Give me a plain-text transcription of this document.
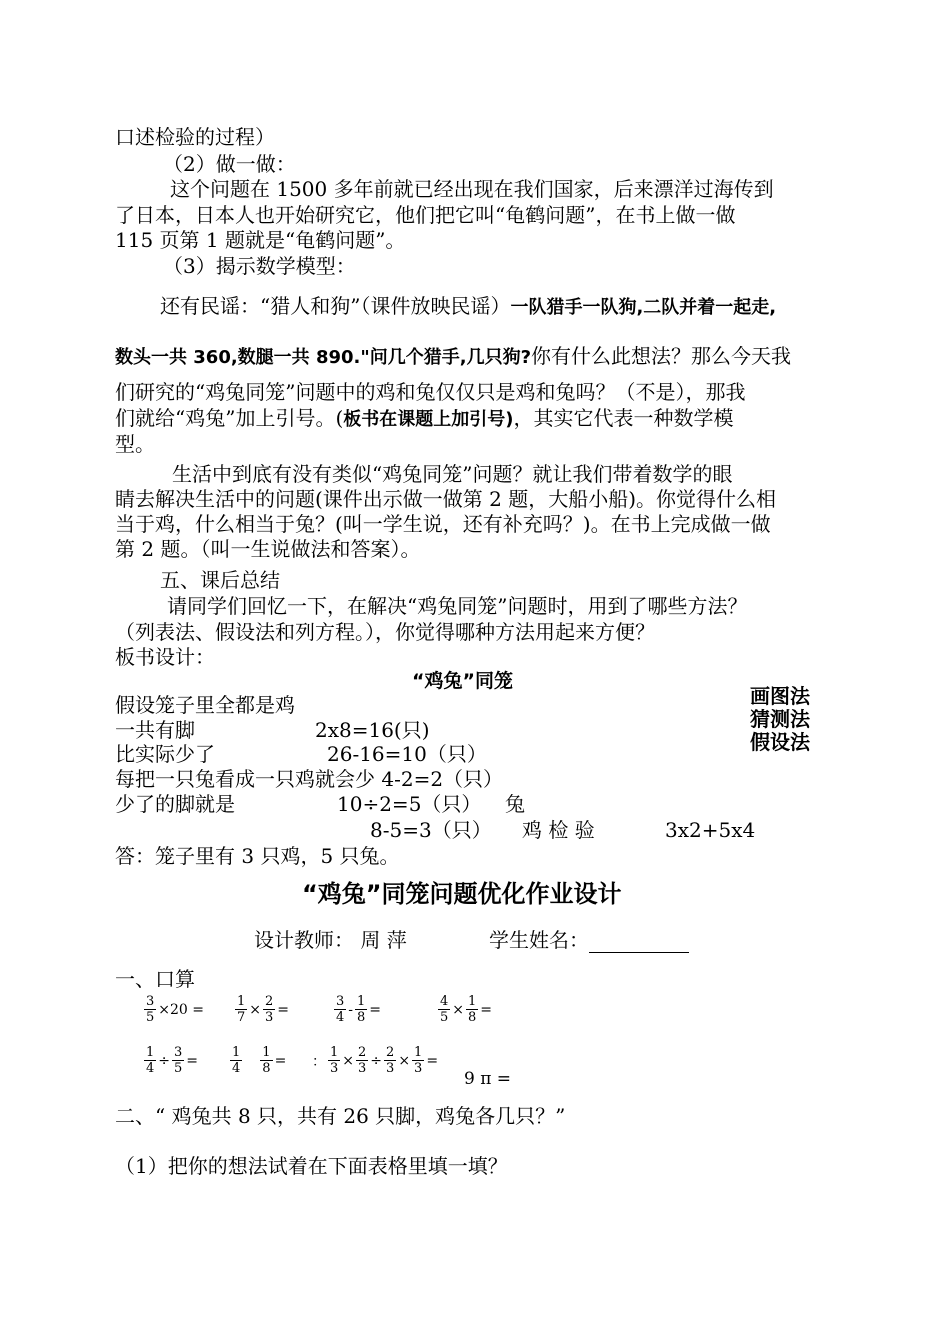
口述检验的过程）
（2）做一做：
这个问题在 1500 多年前就已经出现在我们国家，后来漂洋过海传到
了日本，日本人也开始研究它，他们把它叫“龟鹤问题”，在书上做一做
115 页第 1 题就是“龟鹤问题”。
（3）揭示数学模型：
还有民谣：“猎人和狗”（课件放映民谣）一队猎手一队狗,二队并着一起走,
数头一共 360,数腿一共 890."问几个猎手,几只狗?你有什么此想法？那么今天我
们研究的“鸡兔同笼”问题中的鸡和兔仅仅只是鸡和兔吗？（不是），那我
们就给“鸡兔”加上引号。(板书在课题上加引号)，其实它代表一种数学模
型。
生活中到底有没有类似“鸡兔同笼”问题？就让我们带着数学的眼
睛去解决生活中的问题(课件出示做一做第 2 题，大船小船)。你觉得什么相
当于鸡，什么相当于兔？(叫一学生说，还有补充吗？)。在书上完成做一做
第 2 题。（叫一生说做法和答案）。
五、课后总结
请同学们回忆一下，在解决“鸡兔同笼”问题时，用到了哪些方法？
（列表法、假设法和列方程。），你觉得哪种方法用起来方便？
板书设计：
“鸡兔”同笼
假设笼子里全都是鸡
一共有脚	2x8=16(只)
比实际少了	26-16=10（只）
每把一只兔看成一只鸡就会少 4-2=2（只）
少了的脚就是	10÷2=5（只） 兔
8-5=3（只） 鸡 检 验	3x2+5x4
答：笼子里有 3 只鸡，5 只兔。
画图法
猜测法
假设法
“鸡兔”同笼问题优化作业设计
设计教师： 周 萍	学生姓名：
一、口算
$\frac{3}{5} \times 20 = \frac{1}{7} \times \frac{2}{3}$ =	$\frac{3}{4} - \frac{1}{8}$ =	$\frac{4}{5} \times \frac{1}{8}$ =
$\frac{1}{4} \div \frac{3}{5} = \frac{1}{4} \frac{1}{8}$ = ： $\frac{1}{3} \times \frac{2}{3} \div \frac{2}{3} \times \frac{1}{3}$ =
9 π =
二、“ 鸡兔共 8 只，共有 26 只脚，鸡兔各几只？”
（1）把你的想法试着在下面表格里填一填？
